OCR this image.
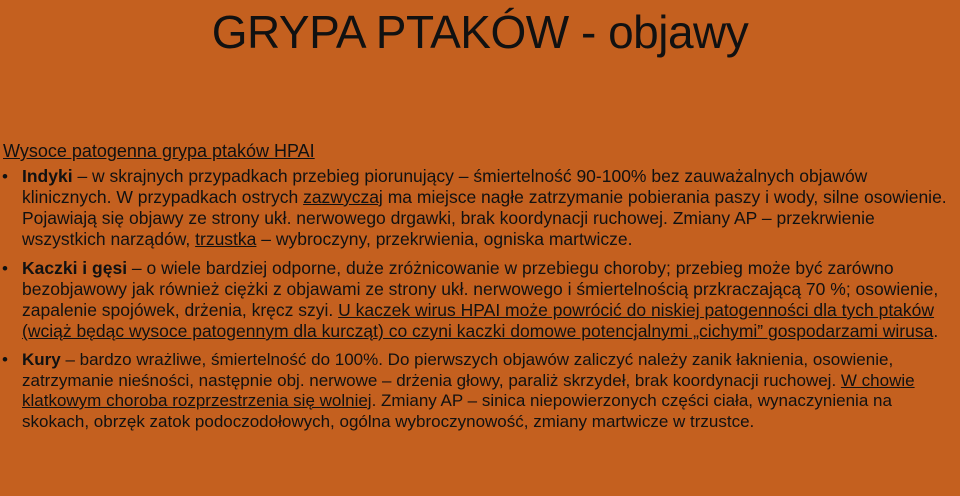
GRYPA PTAKÓW - objawy
Wysoce patogenna grypa ptaków HPAI
• Indyki – w skrajnych przypadkach przebieg piorunujący – śmiertelność 90-100% bez zauważalnych objawów klinicznych. W przypadkach ostrych zazwyczaj ma miejsce nagłe zatrzymanie pobierania paszy i wody, silne osowienie. Pojawiają się objawy ze strony ukł. nerwowego drgawki, brak koordynacji ruchowej. Zmiany AP – przekrwienie wszystkich narządów, trzustka – wybroczyny, przekrwienia, ogniska martwicze.
• Kaczki i gęsi – o wiele bardziej odporne, duże zróżnicowanie w przebiegu choroby; przebieg może być zarówno bezobjawowy jak również ciężki z objawami ze strony ukł. nerwowego i śmiertelnością przkraczającą 70 %; osowienie, zapalenie spojówek, drżenia, kręcz szyi. U kaczek wirus HPAI może powrócić do niskiej patogenności dla tych ptaków (wciąż będąc wysoce patogennym dla kurcząt) co czyni kaczki domowe potencjalnymi „cichymi” gospodarzami wirusa.
• Kury – bardzo wrażliwe, śmiertelność do 100%. Do pierwszych objawów zaliczyć należy zanik łaknienia, osowienie, zatrzymanie nieśności, następnie obj. nerwowe – drżenia głowy, paraliż skrzydeł, brak koordynacji ruchowej. W chowie klatkowym choroba rozprzestrzenia się wolniej. Zmiany AP – sinica niepowierzonych części ciała, wynaczynienia na skokach, obrzęk zatok podoczodołowych, ogólna wybroczynowość, zmiany martwicze w trzustce.
